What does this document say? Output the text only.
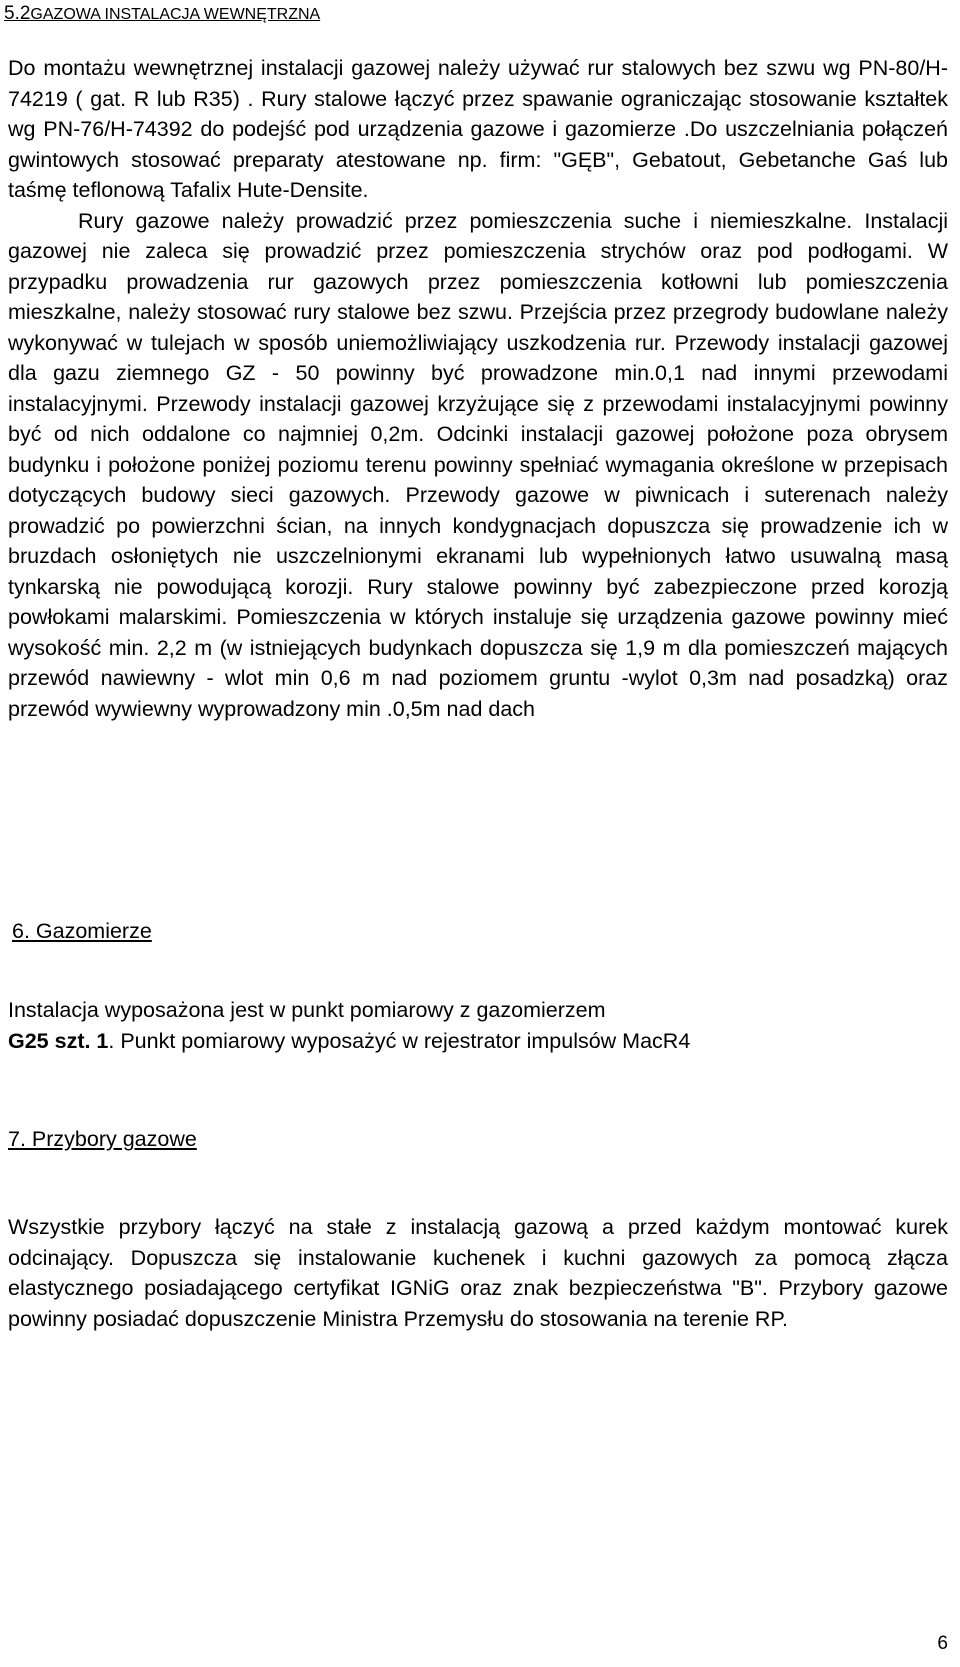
5.2GAZOWA INSTALACJA WEWNĘTRZNA

Do montażu wewnętrznej instalacji gazowej należy używać rur stalowych bez szwu wg PN-80/H-74219 ( gat. R lub R35) . Rury stalowe łączyć przez spawanie ograniczając stosowanie kształtek wg PN-76/H-74392 do podejść pod urządzenia gazowe i gazomierze .Do uszczelniania połączeń gwintowych stosować preparaty atestowane np. firm: "GĘB", Gebatout, Gebetanche Gaś lub taśmę teflonową Tafalix Hute-Densite.
Rury gazowe należy prowadzić przez pomieszczenia suche i niemieszkalne. Instalacji gazowej nie zaleca się prowadzić przez pomieszczenia strychów oraz pod podłogami. W przypadku prowadzenia rur gazowych przez pomieszczenia kotłowni lub pomieszczenia mieszkalne, należy stosować rury stalowe bez szwu. Przejścia przez przegrody budowlane należy wykonywać w tulejach w sposób uniemożliwiający uszkodzenia rur. Przewody instalacji gazowej dla gazu ziemnego GZ - 50 powinny być prowadzone min.0,1 nad innymi przewodami instalacyjnymi. Przewody instalacji gazowej krzyżujące się z przewodami instalacyjnymi powinny być od nich oddalone co najmniej 0,2m. Odcinki instalacji gazowej położone poza obrysem budynku i położone poniżej poziomu terenu powinny spełniać wymagania określone w przepisach dotyczących budowy sieci gazowych. Przewody gazowe w piwnicach i suterenach należy prowadzić po powierzchni ścian, na innych kondygnacjach dopuszcza się prowadzenie ich w bruzdach osłoniętych nie uszczelnionymi ekranami lub wypełnionych łatwo usuwalną masą tynkarską nie powodującą korozji. Rury stalowe powinny być zabezpieczone przed korozją powłokami malarskimi. Pomieszczenia w których instaluje się urządzenia gazowe powinny mieć wysokość min. 2,2 m (w istniejących budynkach dopuszcza się 1,9 m dla pomieszczeń mających przewód nawiewny - wlot min 0,6 m nad poziomem gruntu -wylot 0,3m nad posadzką) oraz przewód wywiewny wyprowadzony min .0,5m nad dach

6. Gazomierze

Instalacja wyposażona jest w punkt pomiarowy z gazomierzem
G25 szt. 1. Punkt pomiarowy wyposażyć w rejestrator impulsów MacR4

7. Przybory gazowe

Wszystkie przybory łączyć na stałe z instalacją gazową a przed każdym montować kurek odcinający. Dopuszcza się instalowanie kuchenek i kuchni gazowych za pomocą złącza elastycznego posiadającego certyfikat IGNiG oraz znak bezpieczeństwa "B". Przybory gazowe powinny posiadać dopuszczenie Ministra Przemysłu do stosowania na terenie RP.

6
